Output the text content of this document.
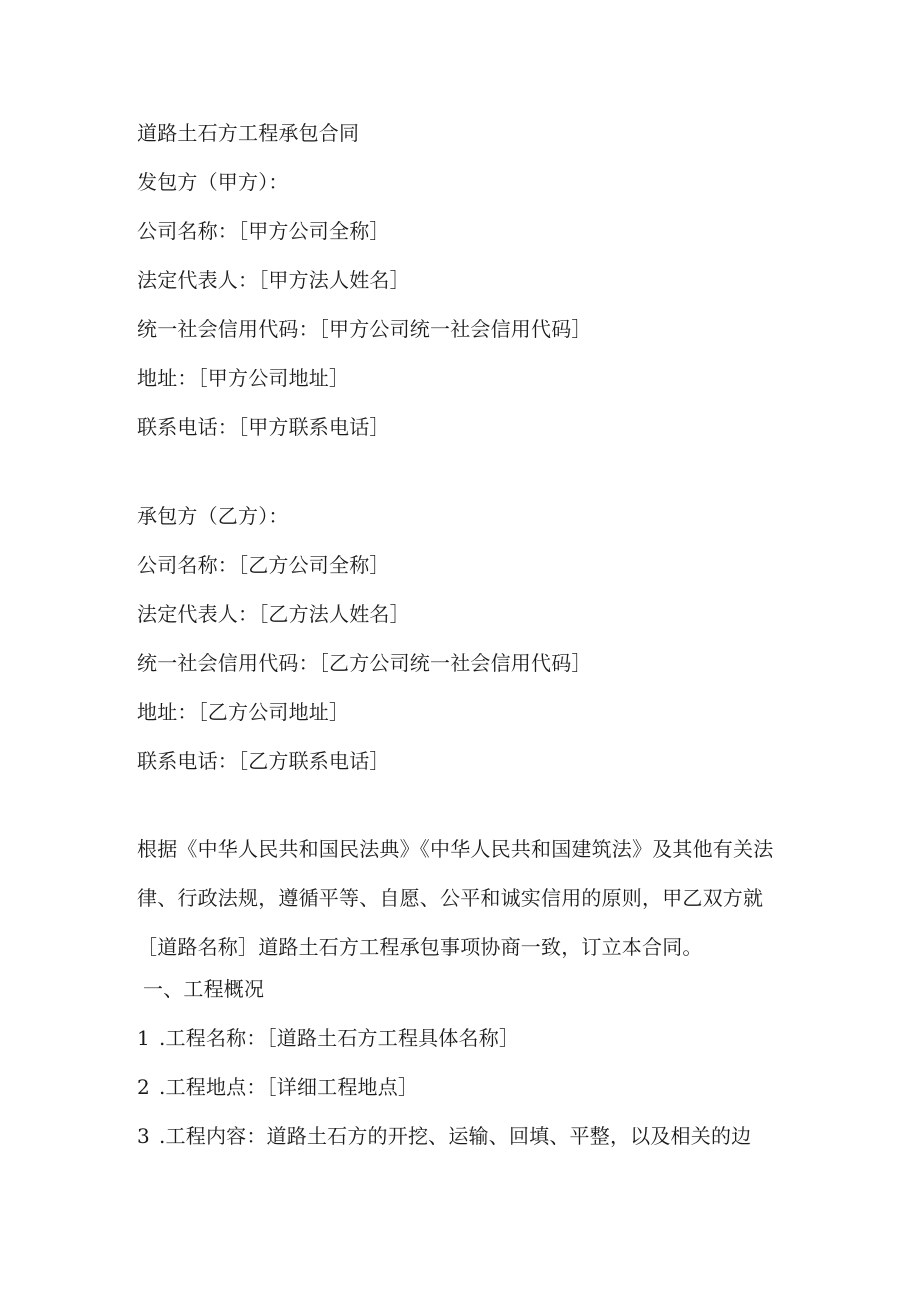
道路土石方工程承包合同
发包方（甲方）：
公司名称：［甲方公司全称］
法定代表人：［甲方法人姓名］
统一社会信用代码：［甲方公司统一社会信用代码］
地址：［甲方公司地址］
联系电话：［甲方联系电话］
承包方（乙方）：
公司名称：［乙方公司全称］
法定代表人：［乙方法人姓名］
统一社会信用代码：［乙方公司统一社会信用代码］
地址：［乙方公司地址］
联系电话：［乙方联系电话］
根据《中华人民共和国民法典》《中华人民共和国建筑法》及其他有关法
律、行政法规，遵循平等、自愿、公平和诚实信用的原则，甲乙双方就
［道路名称］道路土石方工程承包事项协商一致，订立本合同。
一、工程概况
1 .工程名称：［道路土石方工程具体名称］
2 .工程地点：［详细工程地点］
3 .工程内容：道路土石方的开挖、运输、回填、平整，以及相关的边
